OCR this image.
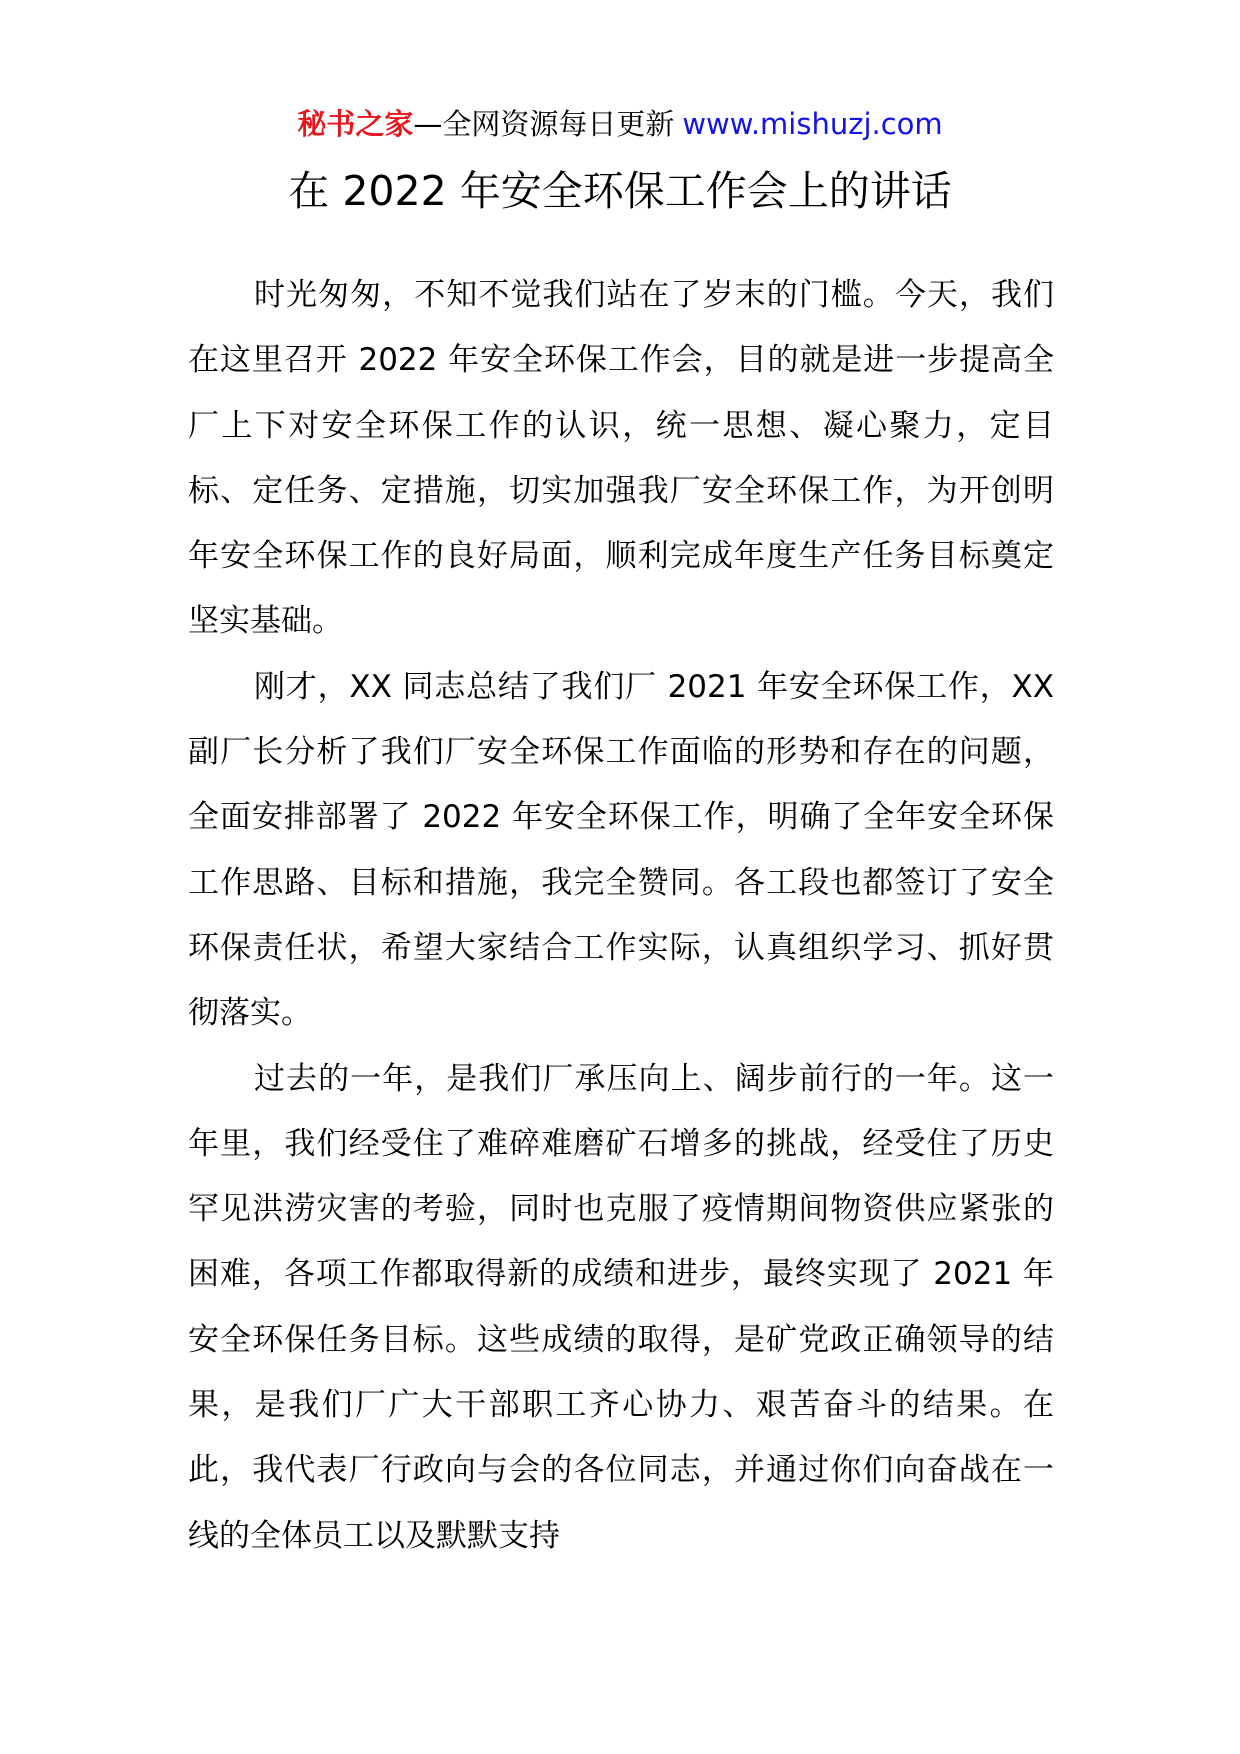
秘书之家—全网资源每日更新 www.mishuzj.com
在 2022 年安全环保工作会上的讲话

时光匆匆，不知不觉我们站在了岁末的门槛。今天，我们在这里召开 2022 年安全环保工作会，目的就是进一步提高全厂上下对安全环保工作的认识，统一思想、凝心聚力，定目标、定任务、定措施，切实加强我厂安全环保工作，为开创明年安全环保工作的良好局面，顺利完成年度生产任务目标奠定坚实基础。

刚才，XX 同志总结了我们厂 2021 年安全环保工作，XX 副厂长分析了我们厂安全环保工作面临的形势和存在的问题，全面安排部署了 2022 年安全环保工作，明确了全年安全环保工作思路、目标和措施，我完全赞同。各工段也都签订了安全环保责任状，希望大家结合工作实际，认真组织学习、抓好贯彻落实。

过去的一年，是我们厂承压向上、阔步前行的一年。这一年里，我们经受住了难碎难磨矿石增多的挑战，经受住了历史罕见洪涝灾害的考验，同时也克服了疫情期间物资供应紧张的困难，各项工作都取得新的成绩和进步，最终实现了 2021 年安全环保任务目标。这些成绩的取得，是矿党政正确领导的结果，是我们厂广大干部职工齐心协力、艰苦奋斗的结果。在此，我代表厂行政向与会的各位同志，并通过你们向奋战在一线的全体员工以及默默支持
